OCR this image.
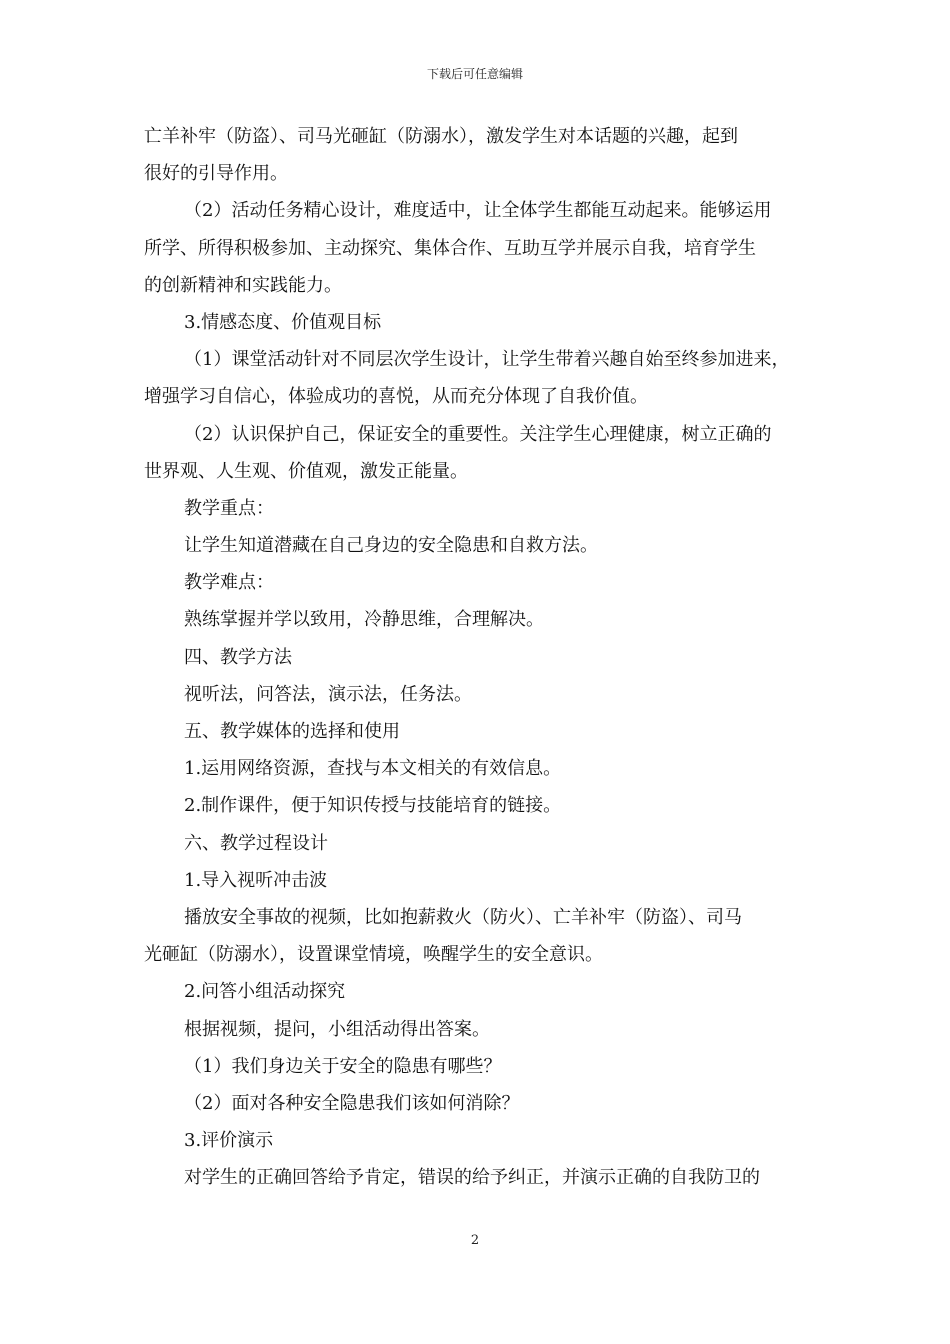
下载后可任意编辑
亡羊补牢（防盗）、司马光砸缸（防溺水），激发学生对本话题的兴趣，起到
很好的引导作用。
（2）活动任务精心设计，难度适中，让全体学生都能互动起来。能够运用
所学、所得积极参加、主动探究、集体合作、互助互学并展示自我，培育学生
的创新精神和实践能力。
3.情感态度、价值观目标
（1）课堂活动针对不同层次学生设计，让学生带着兴趣自始至终参加进来，
增强学习自信心，体验成功的喜悦，从而充分体现了自我价值。
（2）认识保护自己，保证安全的重要性。关注学生心理健康，树立正确的
世界观、人生观、价值观，激发正能量。
教学重点：
让学生知道潜藏在自己身边的安全隐患和自救方法。
教学难点：
熟练掌握并学以致用，冷静思维，合理解决。
四、教学方法
视听法，问答法，演示法，任务法。
五、教学媒体的选择和使用
1.运用网络资源，查找与本文相关的有效信息。
2.制作课件，便于知识传授与技能培育的链接。
六、教学过程设计
1.导入视听冲击波
播放安全事故的视频，比如抱薪救火（防火）、亡羊补牢（防盗）、司马
光砸缸（防溺水），设置课堂情境，唤醒学生的安全意识。
2.问答小组活动探究
根据视频，提问，小组活动得出答案。
（1）我们身边关于安全的隐患有哪些？
（2）面对各种安全隐患我们该如何消除？
3.评价演示
对学生的正确回答给予肯定，错误的给予纠正，并演示正确的自我防卫的
2
